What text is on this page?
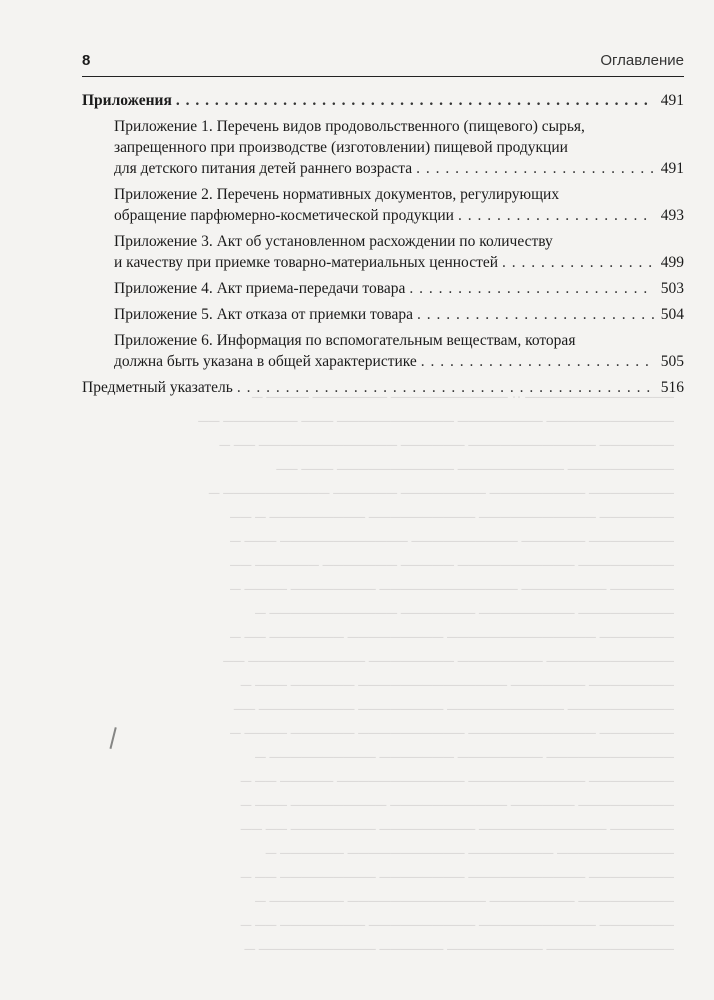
────────────── ·· ─────────── ─────── ──── ─
──────────── ──────── ─────────── ─── ─────── ──
─────── ──────────── ────── ───────────── ── ─
────────── ────────── ─────────── ─── ──
──────── ───────── ──────── ────── ────────── ─
─────── ─────────── ────────── ───────── ─ ──
──────── ────── ────────── ──────────── ─── ─
───────── ─────────── ───── ─────── ────── ──
────── ──────── ───────────── ──────── ──── ─
───────── ───────── ─────── ──────────── ─
─────── ────────────── ───────── ─────── ── ─
──────────── ──────── ──────── ─────────── ──
──────── ─────── ────────────── ────── ─── ─
────────── ─────────── ──────── ───────── ──
─────── ──────────── ────────── ────── ──── ─
──────────── ──────── ─────── ────────── ─
──────── ─────────── ──────────── ───── ── ─
───────── ────── ─────────── ───────── ─── ─
────── ──────────── ───────── ──────── ── ──
─────────── ──────── ─────────── ────── ─
──────── ─────────── ──────── ───────── ── ─
───────── ──────── ───────────── ─────── ─
─────── ─────────── ────────── ──────── ── ─
──────────── ───────── ────── ─────────── ─
8	Оглавление
Приложения . . .	491
Приложение 1. Перечень видов продовольственного (пищевого) сырья,
запрещенного при производстве (изготовлении) пищевой продукции
для детского питания детей раннего возраста . . .	491
Приложение 2. Перечень нормативных документов, регулирующих
обращение парфюмерно-косметической продукции . . .	493
Приложение 3. Акт об установленном расхождении по количеству
и качеству при приемке товарно-материальных ценностей . . .	499
Приложение 4. Акт приема-передачи товара . . .	503
Приложение 5. Акт отказа от приемки товара . . .	504
Приложение 6. Информация по вспомогательным веществам, которая
должна быть указана в общей характеристике . . .	505
Предметный указатель . . .	516
